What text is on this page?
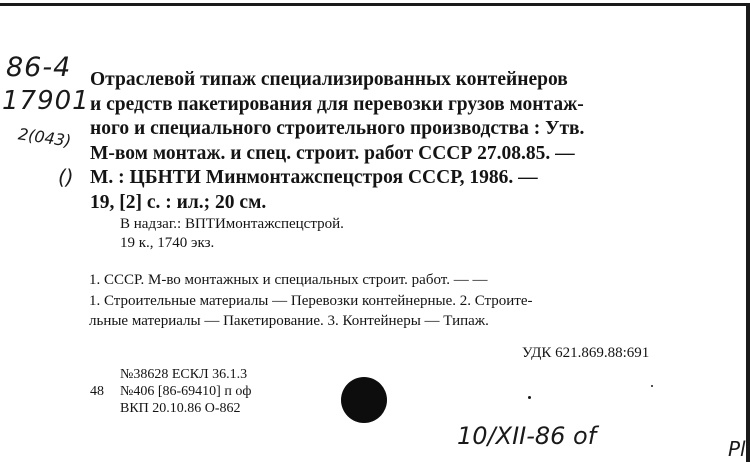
86-4
17901
2(043)
()
Отраслевой типаж специализированных контейнеров
и средств пакетирования для перевозки грузов монтаж-
ного и специального строительного производства : Утв.
М-вом монтаж. и спец. строит. работ СССР 27.08.85. —
М. : ЦБНТИ Минмонтажспецстроя СССР, 1986. —
19, [2] с. : ил.; 20 см.
В надзаг.: ВПТИмонтажспецстрой.
19 к., 1740 экз.
1. СССР. М-во монтажных и специальных строит. работ. — —
1. Строительные материалы — Перевозки контейнерные. 2. Строите-
льные материалы — Пакетирование. 3. Контейнеры — Типаж.
УДК 621.869.88:691
№38628 ЕСКЛ 36.1.3
48 №406 [86-69410] п оф
ВКП 20.10.86 О-862
10/XII-86 of	Pl
